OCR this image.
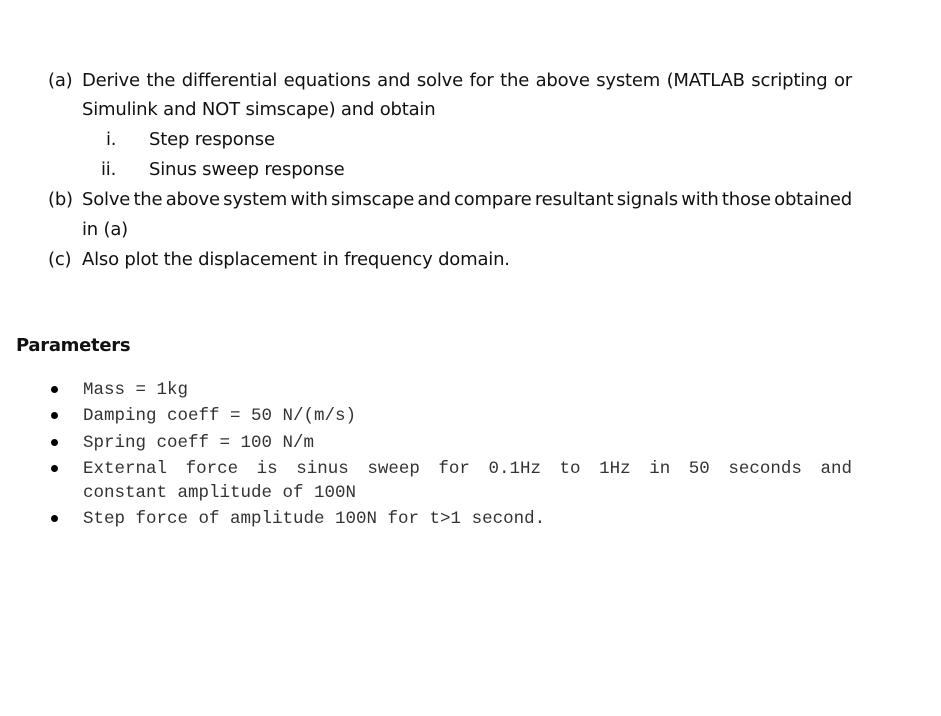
(a) Derive the differential equations and solve for the above system (MATLAB scripting or
Simulink and NOT simscape) and obtain
i. Step response
ii. Sinus sweep response
(b) Solve the above system with simscape and compare resultant signals with those obtained
in (a)
(c) Also plot the displacement in frequency domain.
Parameters
Mass = 1kg
Damping coeff = 50 N/(m/s)
Spring coeff = 100 N/m
External force is sinus sweep for 0.1Hz to 1Hz in 50 seconds and
constant amplitude of 100N
Step force of amplitude 100N for t>1 second.
